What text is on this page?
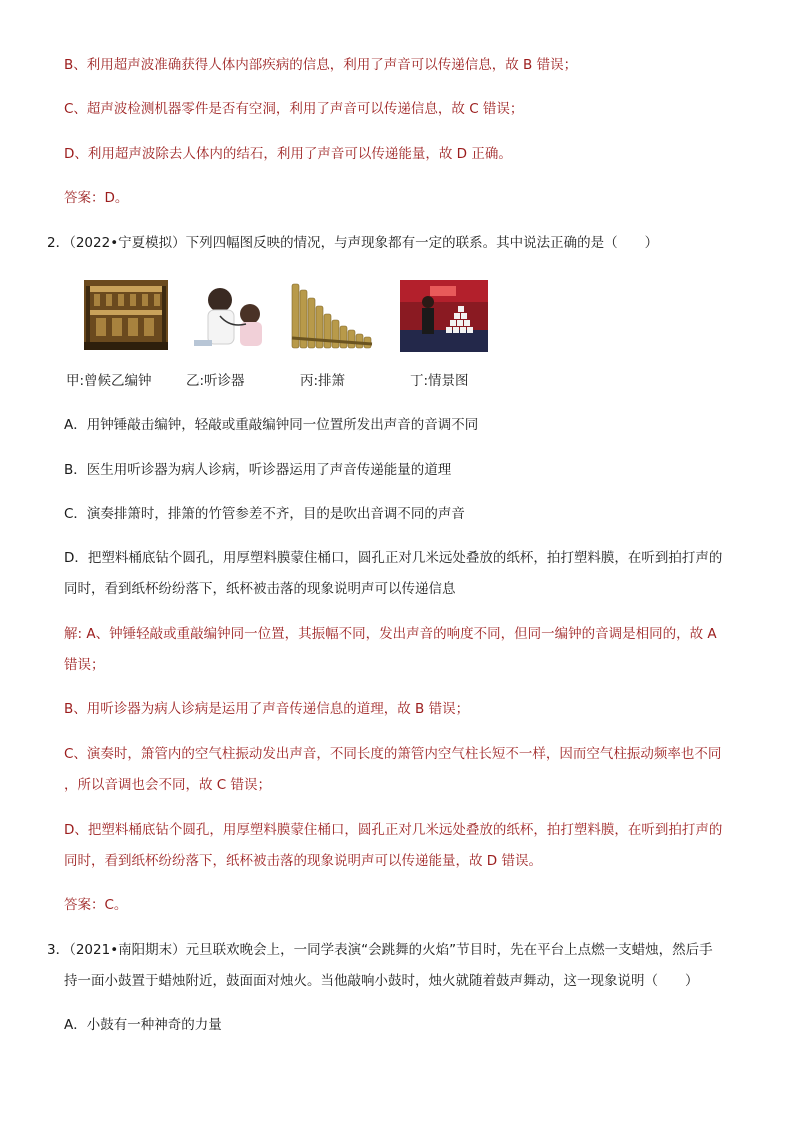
B、利用超声波准确获得人体内部疾病的信息，利用了声音可以传递信息，故 B 错误；
C、超声波检测机器零件是否有空洞，利用了声音可以传递信息，故 C 错误；
D、利用超声波除去人体内的结石，利用了声音可以传递能量，故 D 正确。
答案：D。
2．（2022•宁夏模拟）下列四幅图反映的情况，与声现象都有一定的联系。其中说法正确的是（　　）
甲:曾候乙编钟	乙:听诊器	丙:排箫	丁:情景图
A．用钟锤敲击编钟，轻敲或重敲编钟同一位置所发出声音的音调不同
B．医生用听诊器为病人诊病，听诊器运用了声音传递能量的道理
C．演奏排箫时，排箫的竹管参差不齐，目的是吹出音调不同的声音
D．把塑料桶底钻个圆孔，用厚塑料膜蒙住桶口，圆孔正对几米远处叠放的纸杯，拍打塑料膜，在听到拍打声的
同时，看到纸杯纷纷落下，纸杯被击落的现象说明声可以传递信息
解: A、钟锤轻敲或重敲编钟同一位置，其振幅不同，发出声音的响度不同，但同一编钟的音调是相同的，故 A
错误；
B、用听诊器为病人诊病是运用了声音传递信息的道理，故 B 错误；
C、演奏时，箫管内的空气柱振动发出声音，不同长度的箫管内空气柱长短不一样，因而空气柱振动频率也不同
，所以音调也会不同，故 C 错误；
D、把塑料桶底钻个圆孔，用厚塑料膜蒙住桶口，圆孔正对几米远处叠放的纸杯，拍打塑料膜，在听到拍打声的
同时，看到纸杯纷纷落下，纸杯被击落的现象说明声可以传递能量，故 D 错误。
答案：C。
3．（2021•南阳期末）元旦联欢晚会上，一同学表演“会跳舞的火焰”节目时，先在平台上点燃一支蜡烛，然后手
持一面小鼓置于蜡烛附近，鼓面面对烛火。当他敲响小鼓时，烛火就随着鼓声舞动，这一现象说明（　　）
A．小鼓有一种神奇的力量
